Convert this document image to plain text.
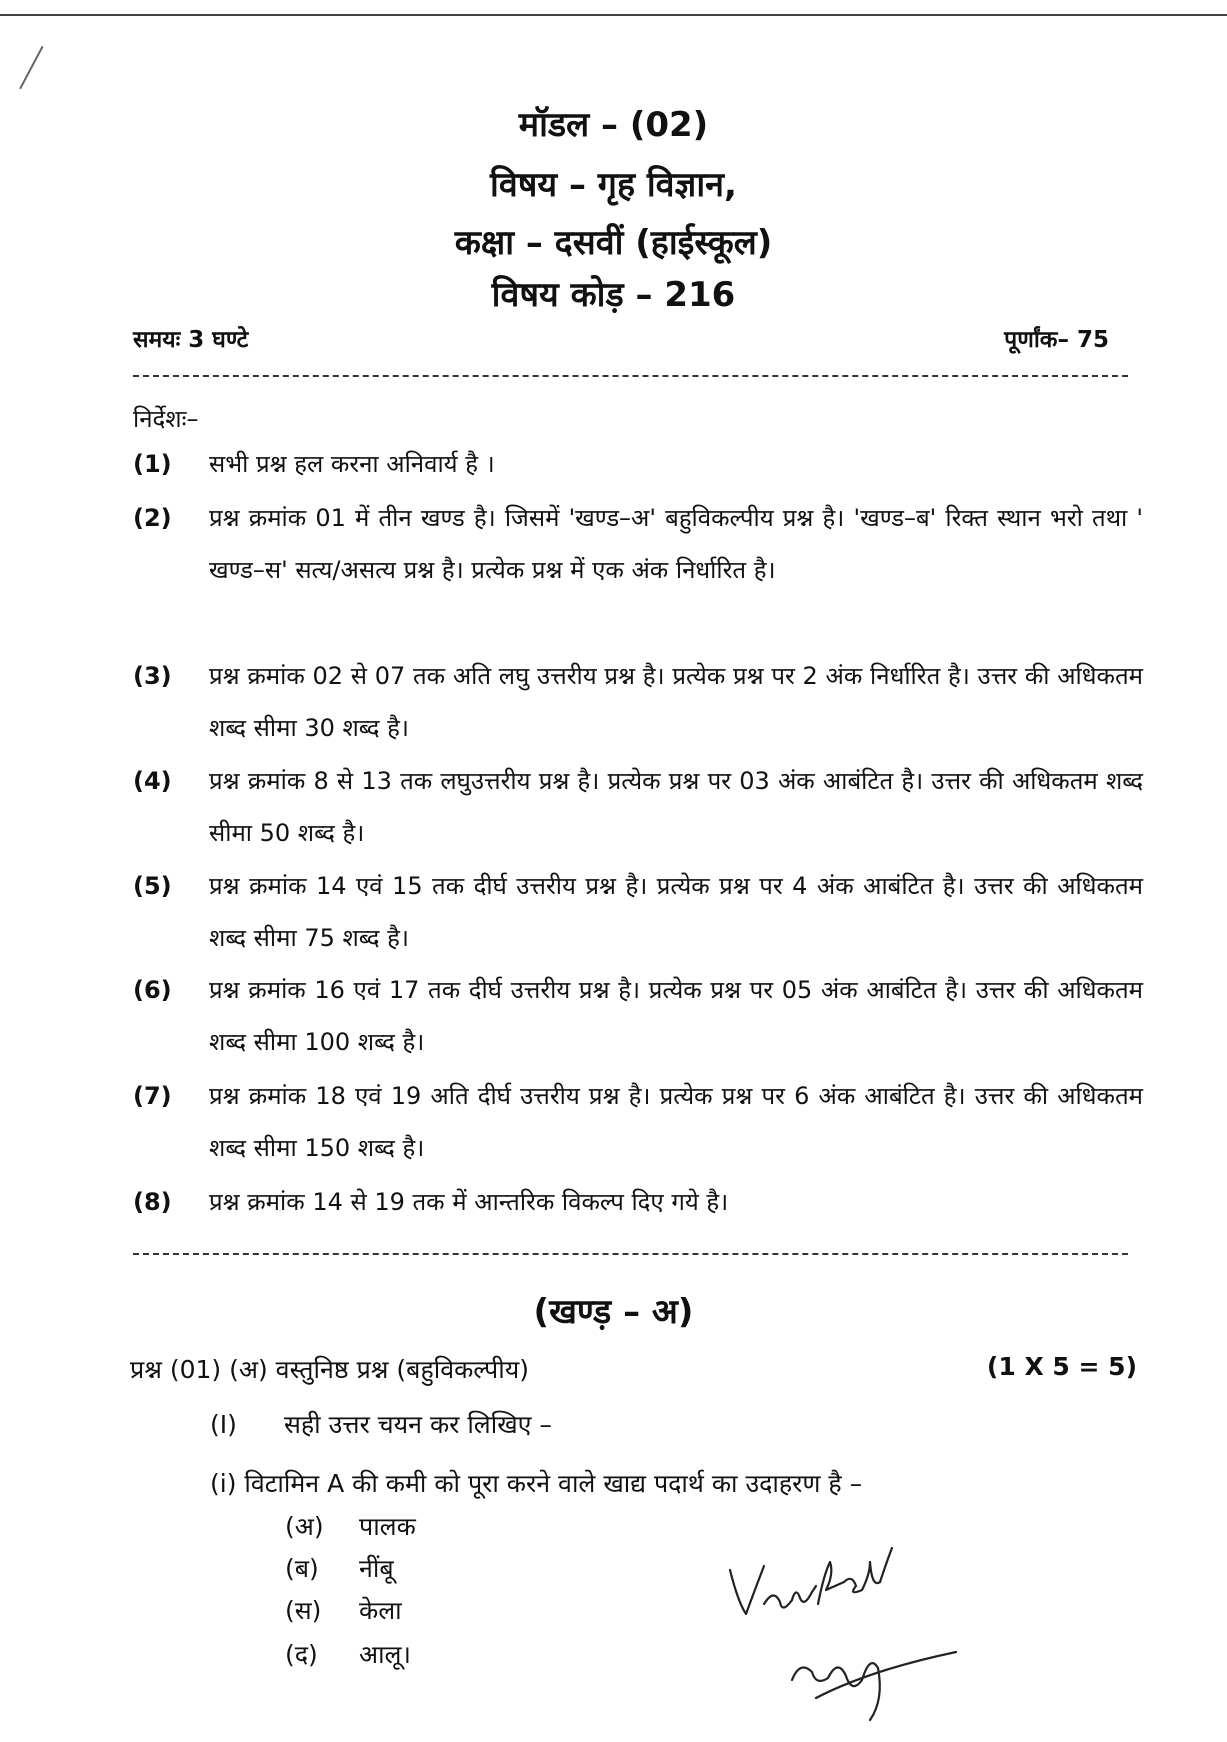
मॉडल – (02)
विषय – गृह विज्ञान,
कक्षा – दसवीं (हाईस्कूल)
विषय कोड़ – 216
समयः 3 घण्टे	पूर्णांक– 75
निर्देशः–
(1) सभी प्रश्न हल करना अनिवार्य है ।
(2) प्रश्न क्रमांक 01 में तीन खण्ड है। जिसमें 'खण्ड–अ' बहुविकल्पीय प्रश्न है। 'खण्ड–ब' रिक्त स्थान भरो तथा ' खण्ड–स' सत्य/असत्य प्रश्न है। प्रत्येक प्रश्न में एक अंक निर्धारित है।
(3) प्रश्न क्रमांक 02 से 07 तक अति लघु उत्तरीय प्रश्न है। प्रत्येक प्रश्न पर 2 अंक निर्धारित है। उत्तर की अधिकतम शब्द सीमा 30 शब्द है।
(4) प्रश्न क्रमांक 8 से 13 तक लघुउत्तरीय प्रश्न है। प्रत्येक प्रश्न पर 03 अंक आबंटित है। उत्तर की अधिकतम शब्द सीमा 50 शब्द है।
(5) प्रश्न क्रमांक 14 एवं 15 तक दीर्घ उत्तरीय प्रश्न है। प्रत्येक प्रश्न पर 4 अंक आबंटित है। उत्तर की अधिकतम शब्द सीमा 75 शब्द है।
(6) प्रश्न क्रमांक 16 एवं 17 तक दीर्घ उत्तरीय प्रश्न है। प्रत्येक प्रश्न पर 05 अंक आबंटित है। उत्तर की अधिकतम शब्द सीमा 100 शब्द है।
(7) प्रश्न क्रमांक 18 एवं 19 अति दीर्घ उत्तरीय प्रश्न है। प्रत्येक प्रश्न पर 6 अंक आबंटित है। उत्तर की अधिकतम शब्द सीमा 150 शब्द है।
(8) प्रश्न क्रमांक 14 से 19 तक में आन्तरिक विकल्प दिए गये है।
(खण्ड़ – अ)
प्रश्न (01) (अ) वस्तुनिष्ठ प्रश्न (बहुविकल्पीय)	(1 X 5 = 5)
(I) सही उत्तर चयन कर लिखिए –
(i) विटामिन A की कमी को पूरा करने वाले खाद्य पदार्थ का उदाहरण है –
(अ) पालक
(ब) नींबू
(स) केला
(द) आलू।
